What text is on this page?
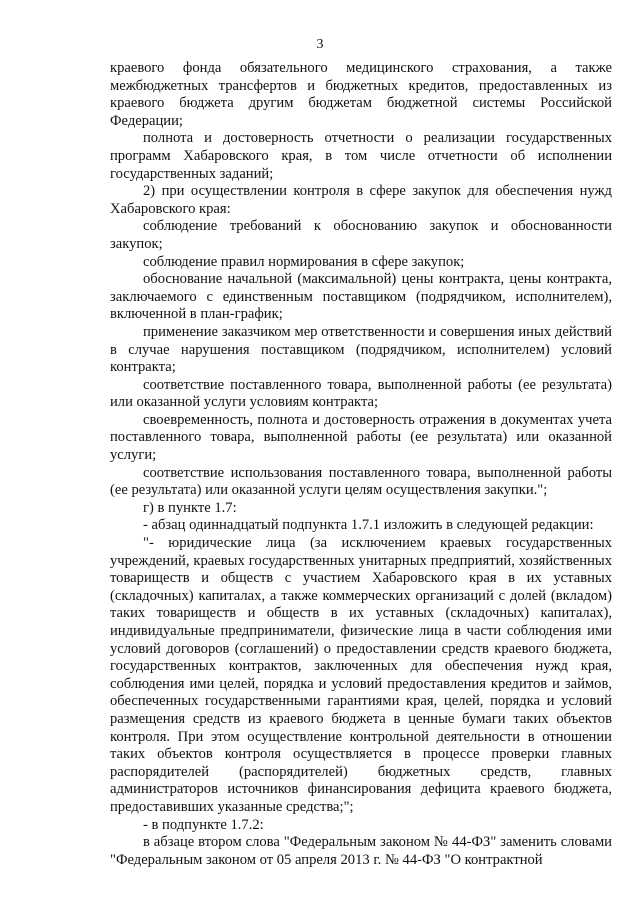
3

краевого фонда обязательного медицинского страхования, а также межбюджетных трансфертов и бюджетных кредитов, предоставленных из краевого бюджета другим бюджетам бюджетной системы Российской Федерации;

полнота и достоверность отчетности о реализации государственных программ Хабаровского края, в том числе отчетности об исполнении государственных заданий;

2) при осуществлении контроля в сфере закупок для обеспечения нужд Хабаровского края:

соблюдение требований к обоснованию закупок и обоснованности закупок;

соблюдение правил нормирования в сфере закупок;

обоснование начальной (максимальной) цены контракта, цены контракта, заключаемого с единственным поставщиком (подрядчиком, исполнителем), включенной в план-график;

применение заказчиком мер ответственности и совершения иных действий в случае нарушения поставщиком (подрядчиком, исполнителем) условий контракта;

соответствие поставленного товара, выполненной работы (ее результата) или оказанной услуги условиям контракта;

своевременность, полнота и достоверность отражения в документах учета поставленного товара, выполненной работы (ее результата) или оказанной услуги;

соответствие использования поставленного товара, выполненной работы (ее результата) или оказанной услуги целям осуществления закупки.";

г) в пункте 1.7:

- абзац одиннадцатый подпункта 1.7.1 изложить в следующей редакции:

"- юридические лица (за исключением краевых государственных учреждений, краевых государственных унитарных предприятий, хозяйственных товариществ и обществ с участием Хабаровского края в их уставных (складочных) капиталах, а также коммерческих организаций с долей (вкладом) таких товариществ и обществ в их уставных (складочных) капиталах), индивидуальные предприниматели, физические лица в части соблюдения ими условий договоров (соглашений) о предоставлении средств краевого бюджета, государственных контрактов, заключенных для обеспечения нужд края, соблюдения ими целей, порядка и условий предоставления кредитов и займов, обеспеченных государственными гарантиями края, целей, порядка и условий размещения средств из краевого бюджета в ценные бумаги таких объектов контроля. При этом осуществление контрольной деятельности в отношении таких объектов контроля осуществляется в процессе проверки главных распорядителей (распорядителей) бюджетных средств, главных администраторов источников финансирования дефицита краевого бюджета, предоставивших указанные средства;";

- в подпункте 1.7.2:

в абзаце втором слова "Федеральным законом № 44-ФЗ" заменить словами "Федеральным законом от 05 апреля 2013 г. № 44-ФЗ "О контрактной
